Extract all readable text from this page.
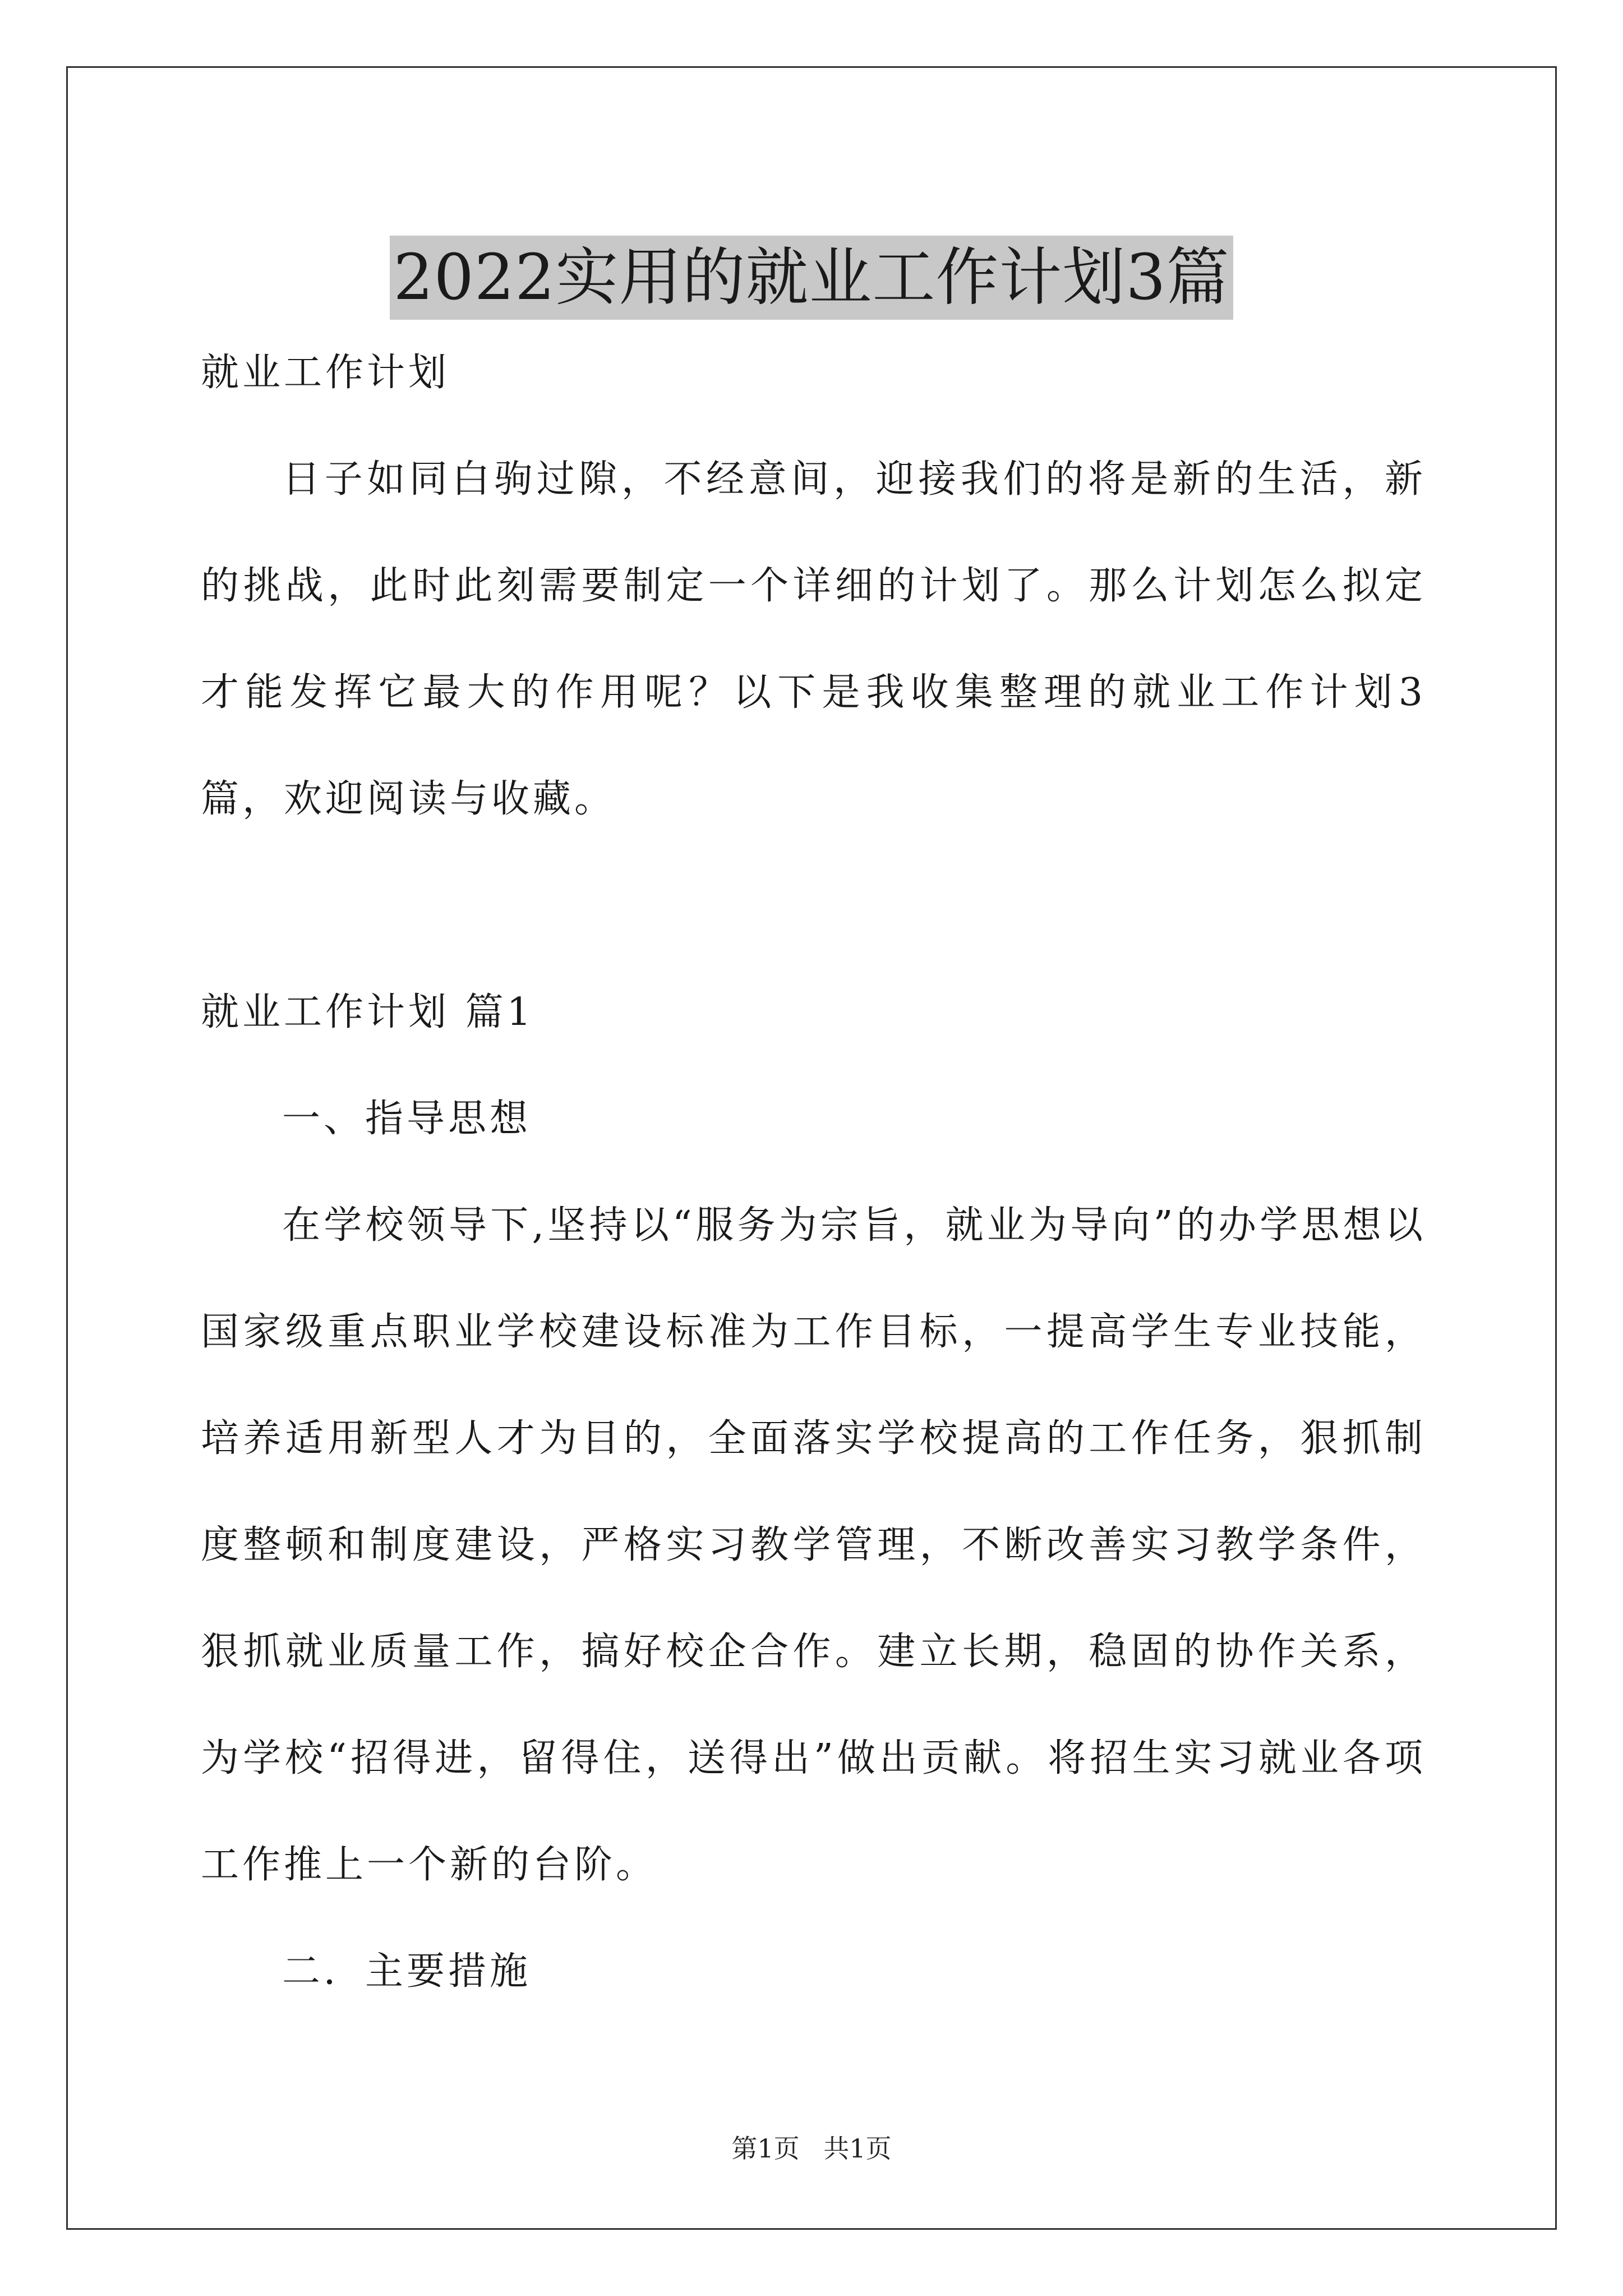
2022实用的就业工作计划3篇

就业工作计划

日子如同白驹过隙，不经意间，迎接我们的将是新的生活，新的挑战，此时此刻需要制定一个详细的计划了。那么计划怎么拟定才能发挥它最大的作用呢？以下是我收集整理的就业工作计划3篇，欢迎阅读与收藏。

就业工作计划 篇1

一、指导思想

在学校领导下,坚持以“服务为宗旨，就业为导向”的办学思想以国家级重点职业学校建设标准为工作目标，一提高学生专业技能，培养适用新型人才为目的，全面落实学校提高的工作任务，狠抓制度整顿和制度建设，严格实习教学管理，不断改善实习教学条件，狠抓就业质量工作，搞好校企合作。建立长期，稳固的协作关系，为学校“招得进，留得住，送得出”做出贡献。将招生实习就业各项工作推上一个新的台阶。

二．主要措施

第1页 共1页
